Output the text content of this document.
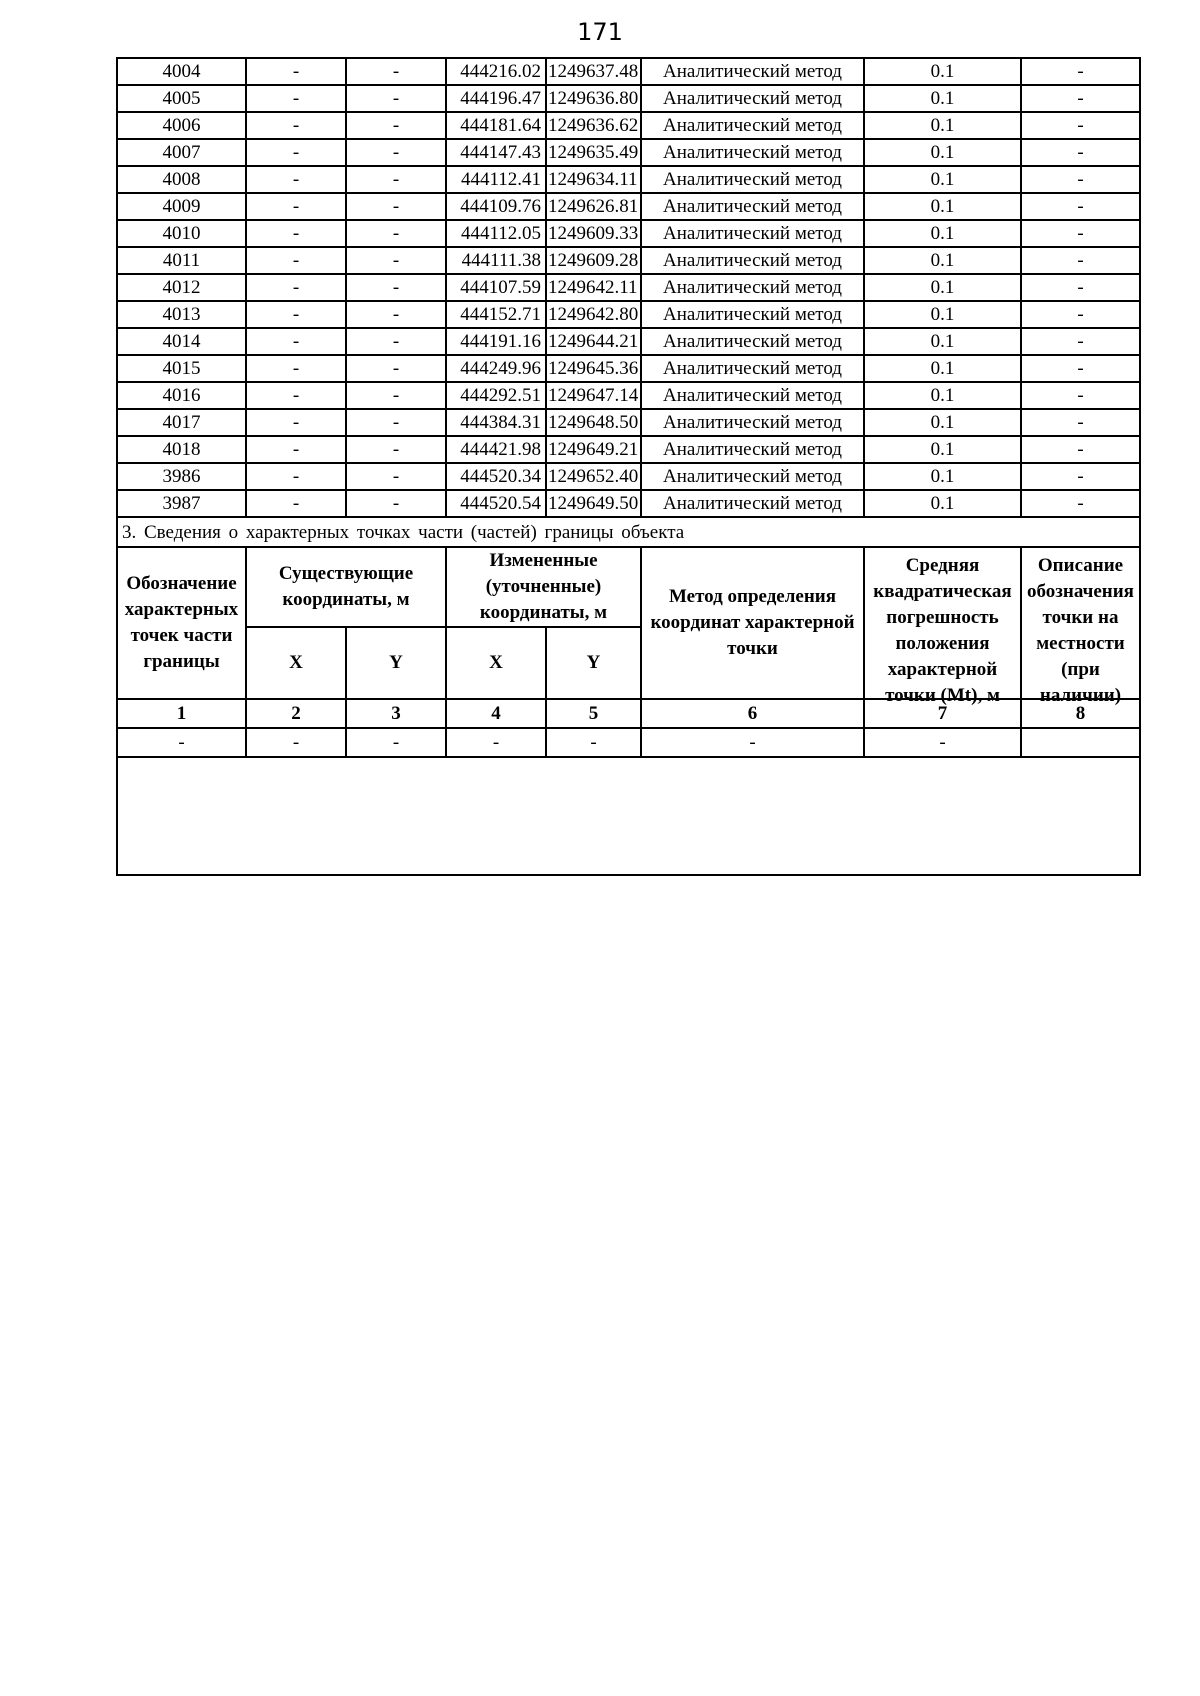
171
4004	-	-	444216.02	1249637.48	Аналитический метод	0.1	-
4005	-	-	444196.47	1249636.80	Аналитический метод	0.1	-
4006	-	-	444181.64	1249636.62	Аналитический метод	0.1	-
4007	-	-	444147.43	1249635.49	Аналитический метод	0.1	-
4008	-	-	444112.41	1249634.11	Аналитический метод	0.1	-
4009	-	-	444109.76	1249626.81	Аналитический метод	0.1	-
4010	-	-	444112.05	1249609.33	Аналитический метод	0.1	-
4011	-	-	444111.38	1249609.28	Аналитический метод	0.1	-
4012	-	-	444107.59	1249642.11	Аналитический метод	0.1	-
4013	-	-	444152.71	1249642.80	Аналитический метод	0.1	-
4014	-	-	444191.16	1249644.21	Аналитический метод	0.1	-
4015	-	-	444249.96	1249645.36	Аналитический метод	0.1	-
4016	-	-	444292.51	1249647.14	Аналитический метод	0.1	-
4017	-	-	444384.31	1249648.50	Аналитический метод	0.1	-
4018	-	-	444421.98	1249649.21	Аналитический метод	0.1	-
3986	-	-	444520.34	1249652.40	Аналитический метод	0.1	-
3987	-	-	444520.54	1249649.50	Аналитический метод	0.1	-
3. Сведения о характерных точках части (частей) границы объекта							
Обозначение характерных точек части границы	Существующие координаты, м		Измененные (уточненные) координаты, м		Метод определения координат характерной точки	Средняя квадратическая погрешность положения характерной точки (Mt), м	Описание обозначения точки на местности (при наличии)

	X	Y	X	Y			
1	2	3	4	5	6	7	8
-	-	-	-	-	-	-	
